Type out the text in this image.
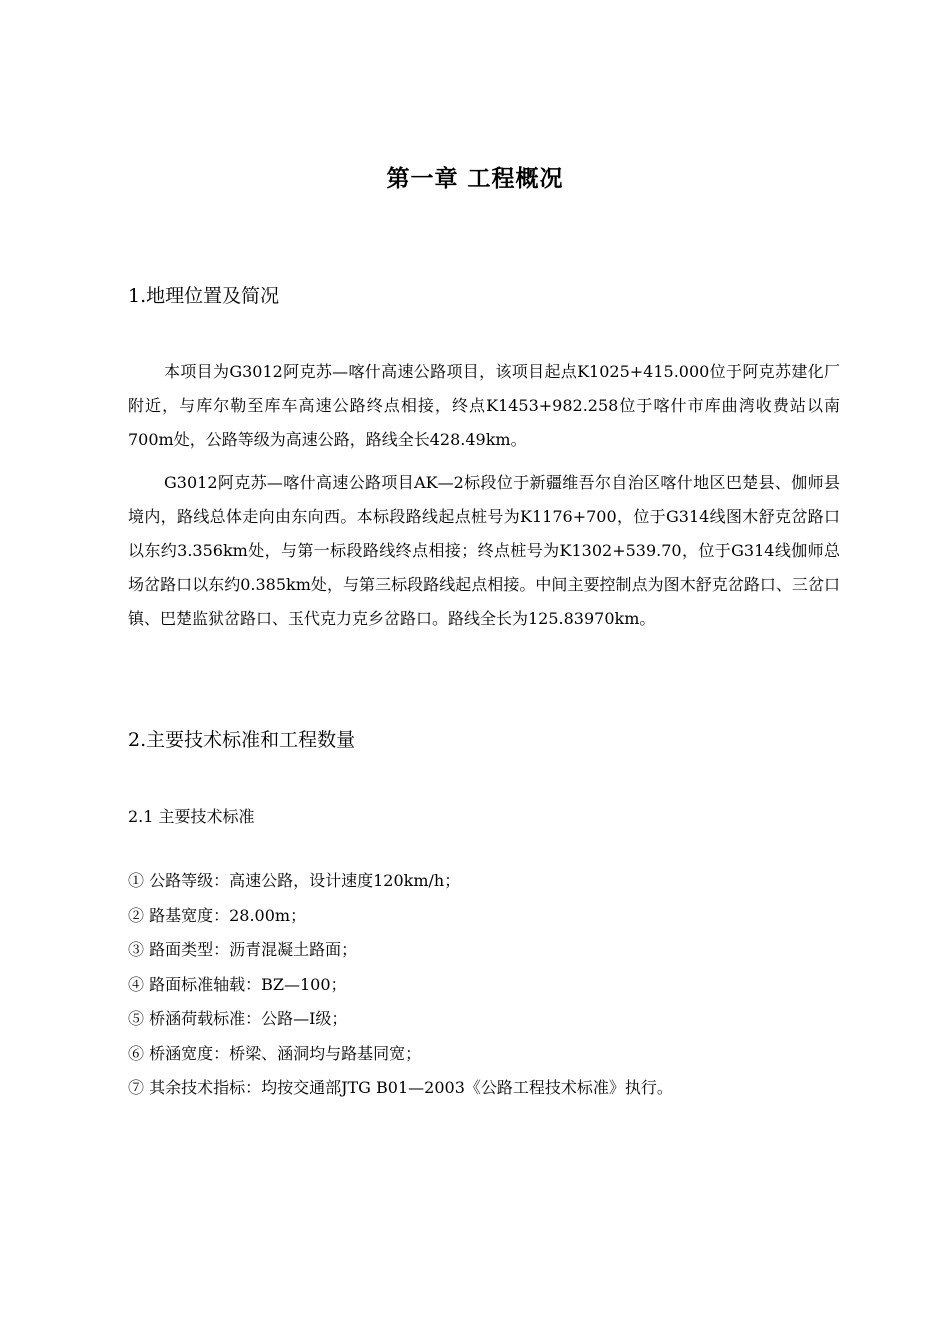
第一章 工程概况
1.地理位置及简况

本项目为G3012阿克苏—喀什高速公路项目，该项目起点K1025+415.000位于阿克苏建化厂附近，与库尔勒至库车高速公路终点相接，终点K1453+982.258位于喀什市库曲湾收费站以南700m处，公路等级为高速公路，路线全长428.49km。

G3012阿克苏—喀什高速公路项目AK—2标段位于新疆维吾尔自治区喀什地区巴楚县、伽师县境内，路线总体走向由东向西。本标段路线起点桩号为K1176+700，位于G314线图木舒克岔路口以东约3.356km处，与第一标段路线终点相接；终点桩号为K1302+539.70，位于G314线伽师总场岔路口以东约0.385km处，与第三标段路线起点相接。中间主要控制点为图木舒克岔路口、三岔口镇、巴楚监狱岔路口、玉代克力克乡岔路口。路线全长为125.83970km。

2.主要技术标准和工程数量
2.1 主要技术标准
① 公路等级：高速公路，设计速度120km/h；
② 路基宽度：28.00m；
③ 路面类型：沥青混凝土路面；
④ 路面标准轴载：BZ—100；
⑤ 桥涵荷载标准：公路—Ⅰ级；
⑥ 桥涵宽度：桥梁、涵洞均与路基同宽；
⑦ 其余技术指标：均按交通部JTG B01—2003《公路工程技术标准》执行。
